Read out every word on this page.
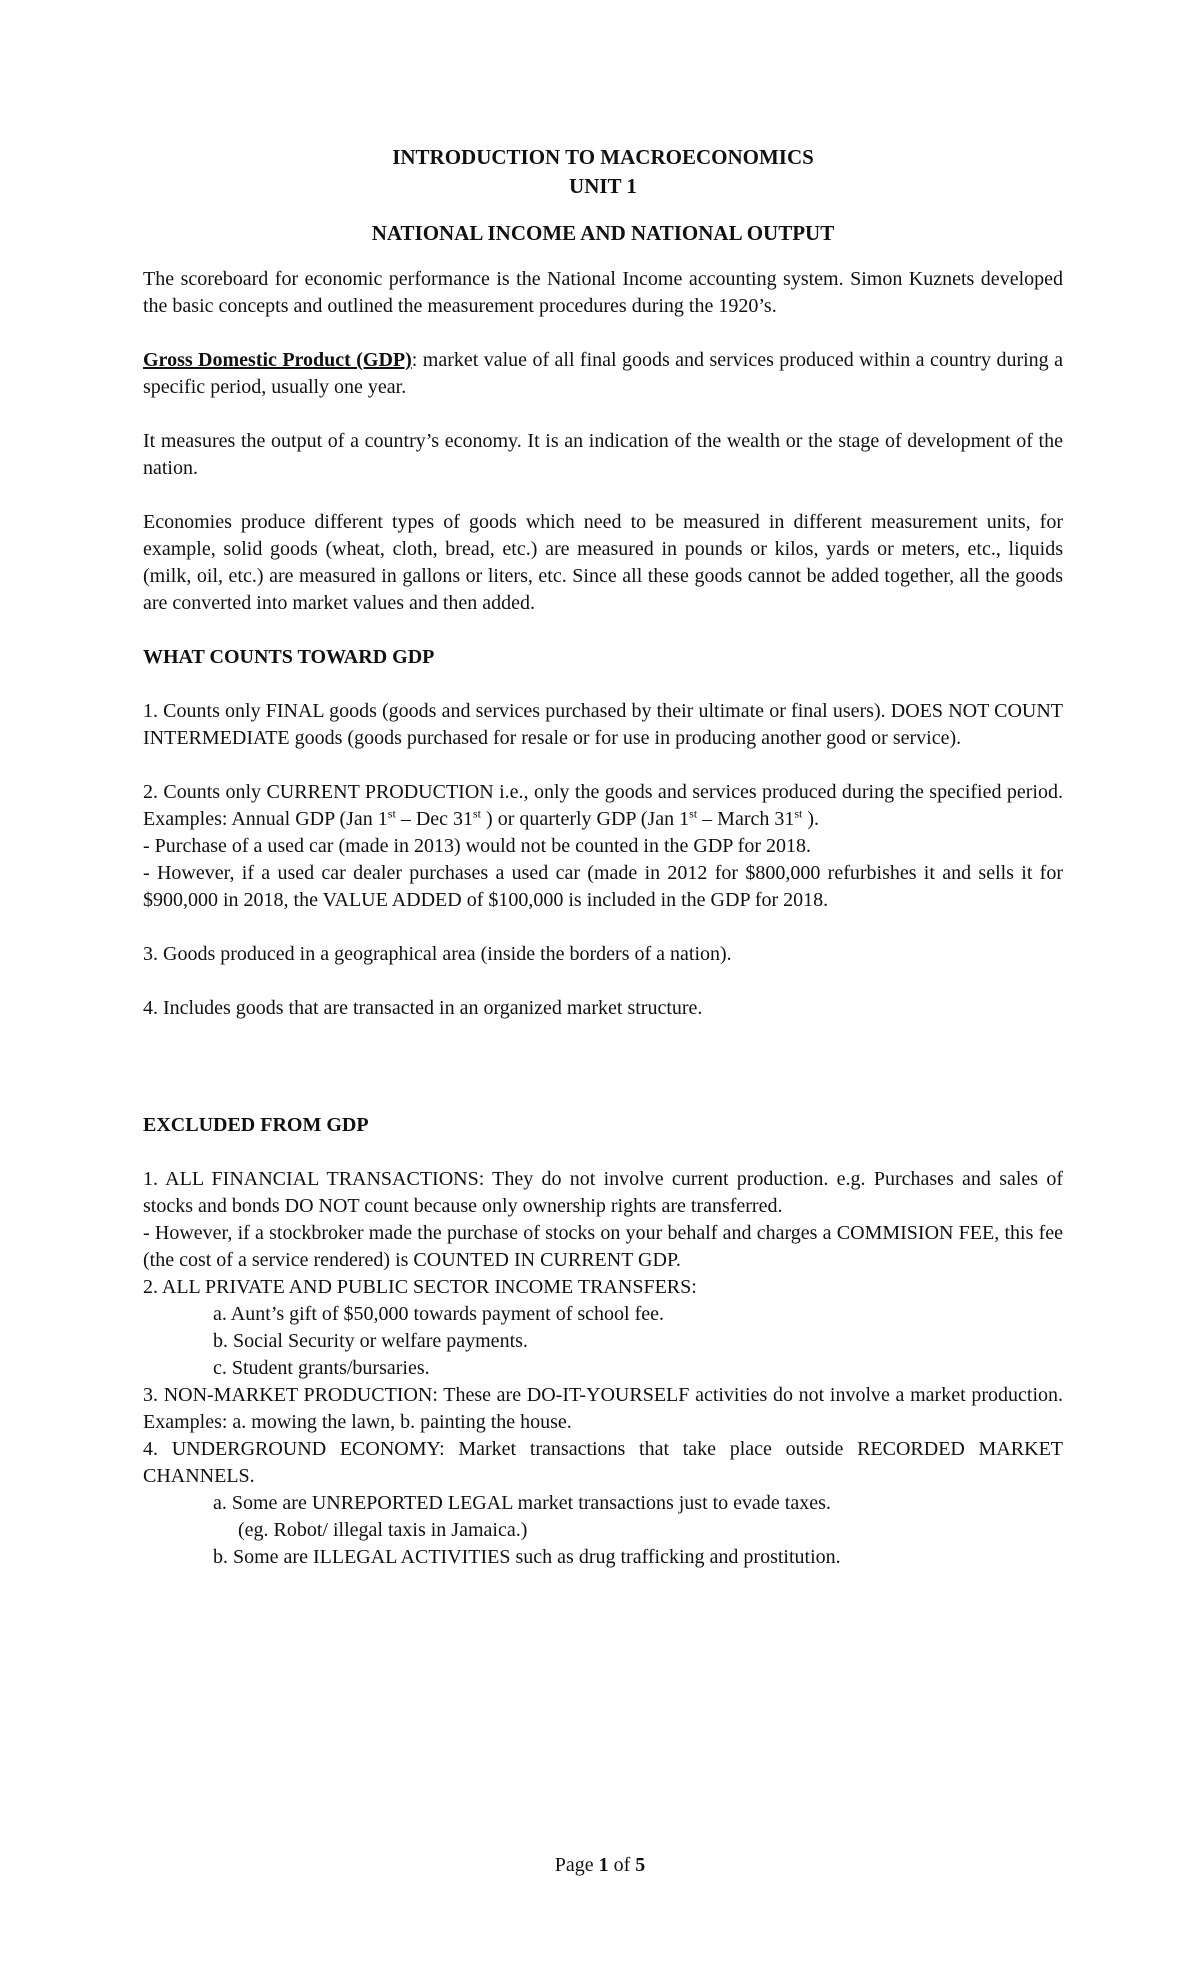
INTRODUCTION TO MACROECONOMICS
UNIT 1
NATIONAL INCOME AND NATIONAL OUTPUT

The scoreboard for economic performance is the National Income accounting system. Simon Kuznets developed the basic concepts and outlined the measurement procedures during the 1920’s.

Gross Domestic Product (GDP): market value of all final goods and services produced within a country during a specific period, usually one year.

It measures the output of a country’s economy. It is an indication of the wealth or the stage of development of the nation.

Economies produce different types of goods which need to be measured in different measurement units, for example, solid goods (wheat, cloth, bread, etc.) are measured in pounds or kilos, yards or meters, etc., liquids (milk, oil, etc.) are measured in gallons or liters, etc. Since all these goods cannot be added together, all the goods are converted into market values and then added.

WHAT COUNTS TOWARD GDP

1. Counts only FINAL goods (goods and services purchased by their ultimate or final users). DOES NOT COUNT INTERMEDIATE goods (goods purchased for resale or for use in producing another good or service).

2. Counts only CURRENT PRODUCTION i.e., only the goods and services produced during the specified period. Examples: Annual GDP (Jan 1st – Dec 31st ) or quarterly GDP (Jan 1st – March 31st ).

- Purchase of a used car (made in 2013) would not be counted in the GDP for 2018.

- However, if a used car dealer purchases a used car (made in 2012 for $800,000 refurbishes it and sells it for $900,000 in 2018, the VALUE ADDED of $100,000 is included in the GDP for 2018.

3. Goods produced in a geographical area (inside the borders of a nation).

4. Includes goods that are transacted in an organized market structure.

EXCLUDED FROM GDP

1. ALL FINANCIAL TRANSACTIONS: They do not involve current production. e.g. Purchases and sales of stocks and bonds DO NOT count because only ownership rights are transferred.

- However, if a stockbroker made the purchase of stocks on your behalf and charges a COMMISION FEE, this fee (the cost of a service rendered) is COUNTED IN CURRENT GDP.

2. ALL PRIVATE AND PUBLIC SECTOR INCOME TRANSFERS:

a. Aunt’s gift of $50,000 towards payment of school fee.

b. Social Security or welfare payments.

c. Student grants/bursaries.

3. NON-MARKET PRODUCTION: These are DO-IT-YOURSELF activities do not involve a market production. Examples: a. mowing the lawn, b. painting the house.

4. UNDERGROUND ECONOMY: Market transactions that take place outside RECORDED MARKET CHANNELS.

a. Some are UNREPORTED LEGAL market transactions just to evade taxes.

(eg. Robot/ illegal taxis in Jamaica.)

b. Some are ILLEGAL ACTIVITIES such as drug trafficking and prostitution.

Page 1 of 5
